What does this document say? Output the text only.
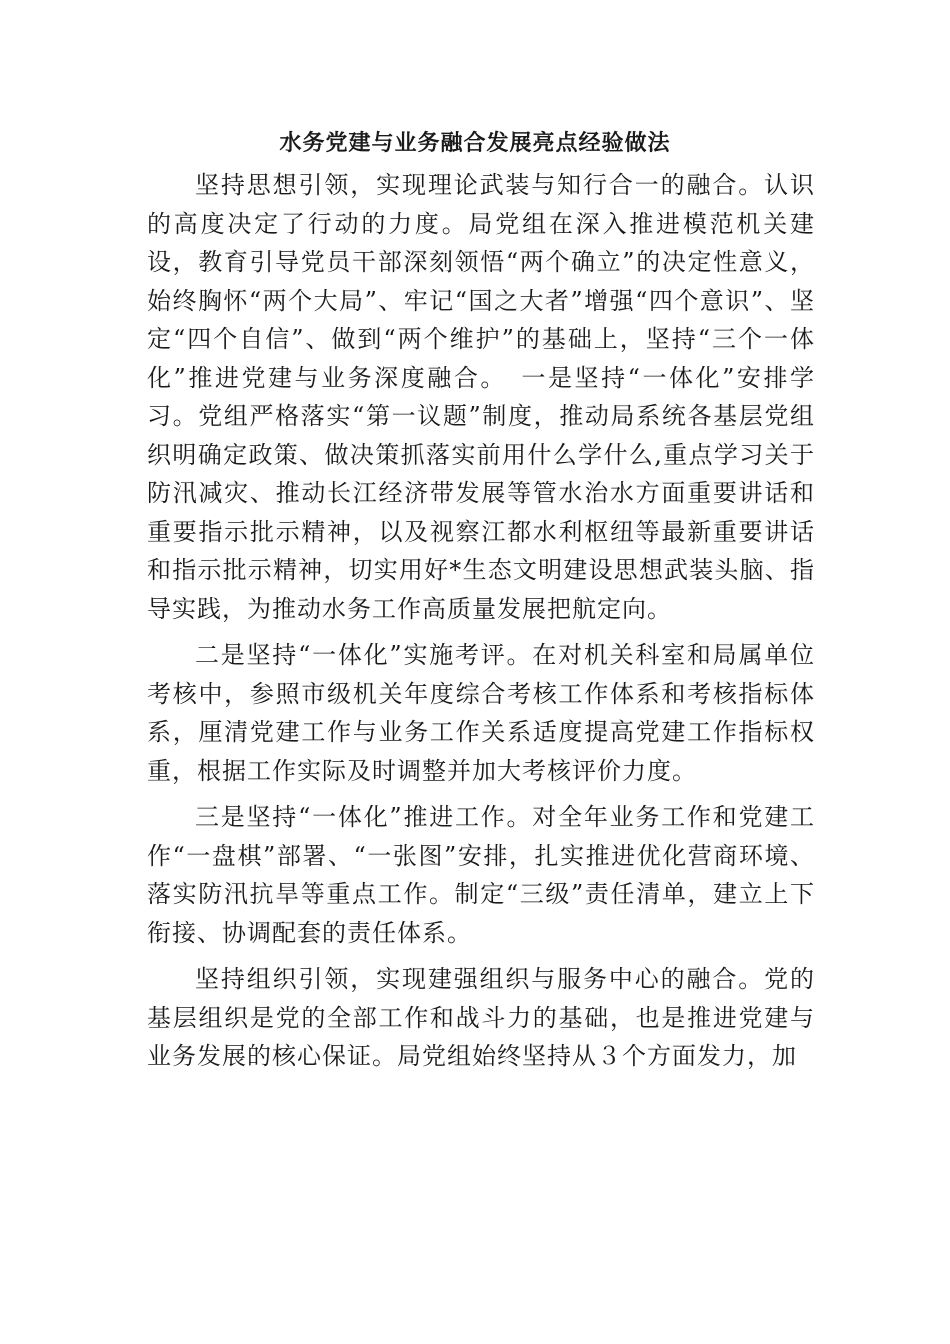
水务党建与业务融合发展亮点经验做法

坚持思想引领，实现理论武装与知行合一的融合。认识的高度决定了行动的力度。局党组在深入推进模范机关建设，教育引导党员干部深刻领悟“两个确立”的决定性意义，始终胸怀“两个大局”、牢记“国之大者”增强“四个意识”、坚定“四个自信”、做到“两个维护”的基础上，坚持“三个一体化”推进党建与业务深度融合。　一是坚持“一体化”安排学习。党组严格落实“第一议题”制度，推动局系统各基层党组织明确定政策、做决策抓落实前用什么学什么,重点学习关于防汛减灾、推动长江经济带发展等管水治水方面重要讲话和重要指示批示精神，以及视察江都水利枢纽等最新重要讲话和指示批示精神，切实用好*生态文明建设思想武装头脑、指导实践，为推动水务工作高质量发展把航定向。

二是坚持“一体化”实施考评。在对机关科室和局属单位考核中，参照市级机关年度综合考核工作体系和考核指标体系，厘清党建工作与业务工作关系适度提高党建工作指标权重，根据工作实际及时调整并加大考核评价力度。

三是坚持“一体化”推进工作。对全年业务工作和党建工作“一盘棋”部署、“一张图”安排，扎实推进优化营商环境、落实防汛抗旱等重点工作。制定“三级”责任清单，建立上下衔接、协调配套的责任体系。

坚持组织引领，实现建强组织与服务中心的融合。党的基层组织是党的全部工作和战斗力的基础，也是推进党建与业务发展的核心保证。局党组始终坚持从３个方面发力，加
